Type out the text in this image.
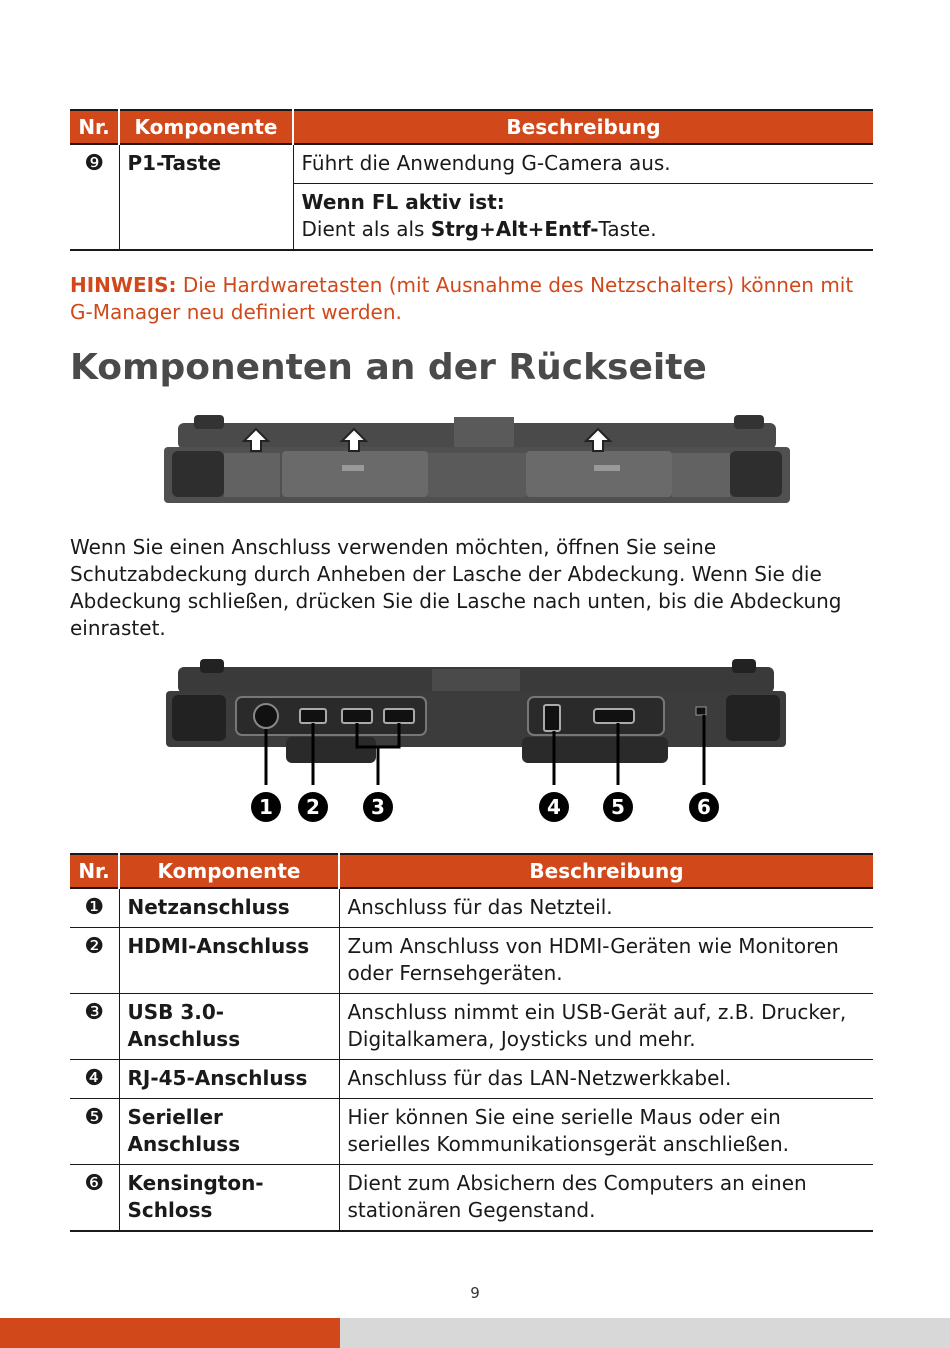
Nr.	Komponente	Beschreibung
❾	P1-Taste	Führt die Anwendung G-Camera aus.
		Wenn FL aktiv ist:
Dient als als Strg+Alt+Entf-Taste.
HINWEIS: Die Hardwaretasten (mit Ausnahme des Netzschalters) können mit G-Manager neu definiert werden.
Komponenten an der Rückseite
Wenn Sie einen Anschluss verwenden möchten, öffnen Sie seine Schutzabdeckung durch Anheben der Lasche der Abdeckung. Wenn Sie die Abdeckung schließen, drücken Sie die Lasche nach unten, bis die Abdeckung einrastet.
1 2	3	4	5	6
Nr.	Komponente	Beschreibung
❶	Netzanschluss	Anschluss für das Netzteil.
❷	HDMI-Anschluss	Zum Anschluss von HDMI-Geräten wie Monitoren oder Fernsehgeräten.
❸	USB 3.0-Anschluss	Anschluss nimmt ein USB-Gerät auf, z.B. Drucker, Digitalkamera, Joysticks und mehr.
❹	RJ-45-Anschluss	Anschluss für das LAN-Netzwerkkabel.
❺	Serieller Anschluss	Hier können Sie eine serielle Maus oder ein serielles Kommunikationsgerät anschließen.
❻	Kensington-Schloss	Dient zum Absichern des Computers an einen stationären Gegenstand.
9
